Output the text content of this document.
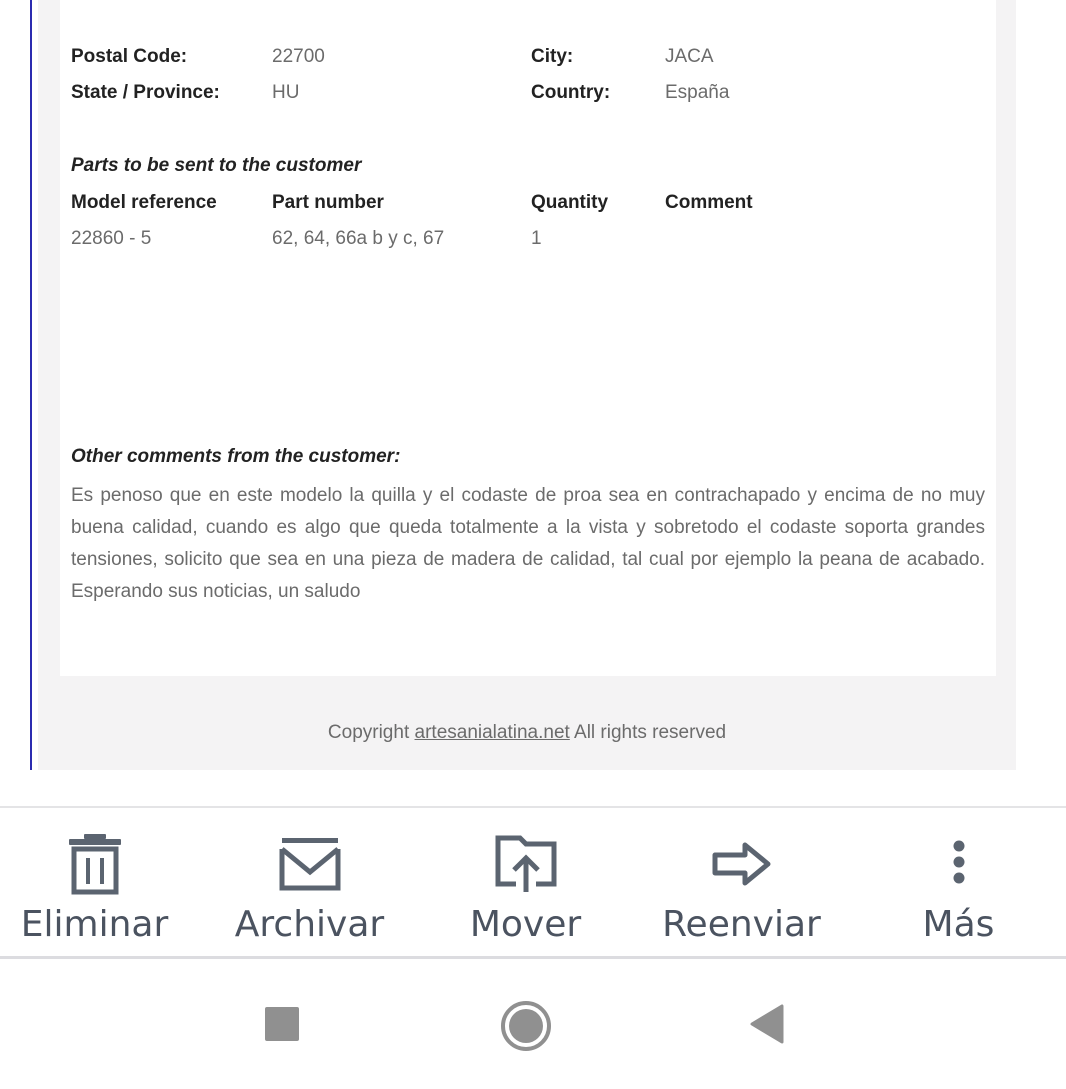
Postal Code:	22700	City:	JACA
State / Province:	HU	Country:	España
Parts to be sent to the customer
Model reference	Part number	Quantity	Comment
22860 - 5	62, 64, 66a b y c, 67	1
Other comments from the customer:
Es penoso que en este modelo la quilla y el codaste de proa sea en contrachapado y encima de no muy buena calidad, cuando es algo que queda totalmente a la vista y sobretodo el codaste soporta grandes tensiones, solicito que sea en una pieza de madera de calidad, tal cual por ejemplo la peana de acabado. Esperando sus noticias, un saludo
Copyright artesanialatina.net All rights reserved
Eliminar Archivar Mover Reenviar	Más
